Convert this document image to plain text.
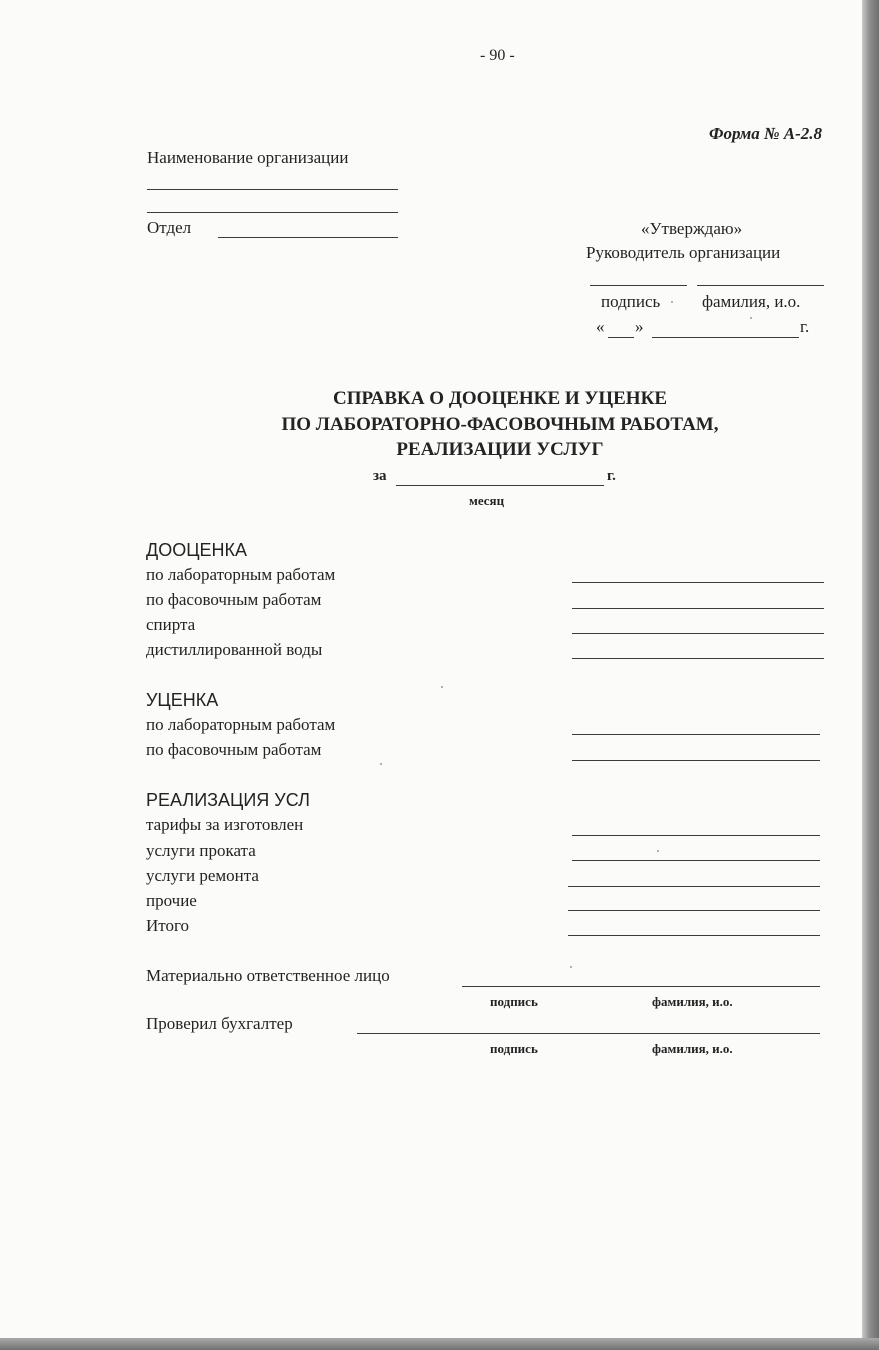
- 90 -
Форма № А-2.8
Наименование организации
Отдел	«Утверждаю»
Руководитель организации
подпись фамилия, и.о.
« »	г.
СПРАВКА О ДООЦЕНКЕ И УЦЕНКЕ
ПО ЛАБОРАТОРНО-ФАСОВОЧНЫМ РАБОТАМ,
РЕАЛИЗАЦИИ УСЛУГ
за	г.
месяц
ДООЦЕНКА
по лабораторным работам
по фасовочным работам
спирта
дистиллированной воды
УЦЕНКА
по лабораторным работам
по фасовочным работам
РЕАЛИЗАЦИЯ УСЛ
тарифы за изготовлен
услуги проката
услуги ремонта
прочие
Итого
Материально ответственное лицо
подпись	фамилия, и.о.
Проверил бухгалтер
подпись	фамилия, и.о.
